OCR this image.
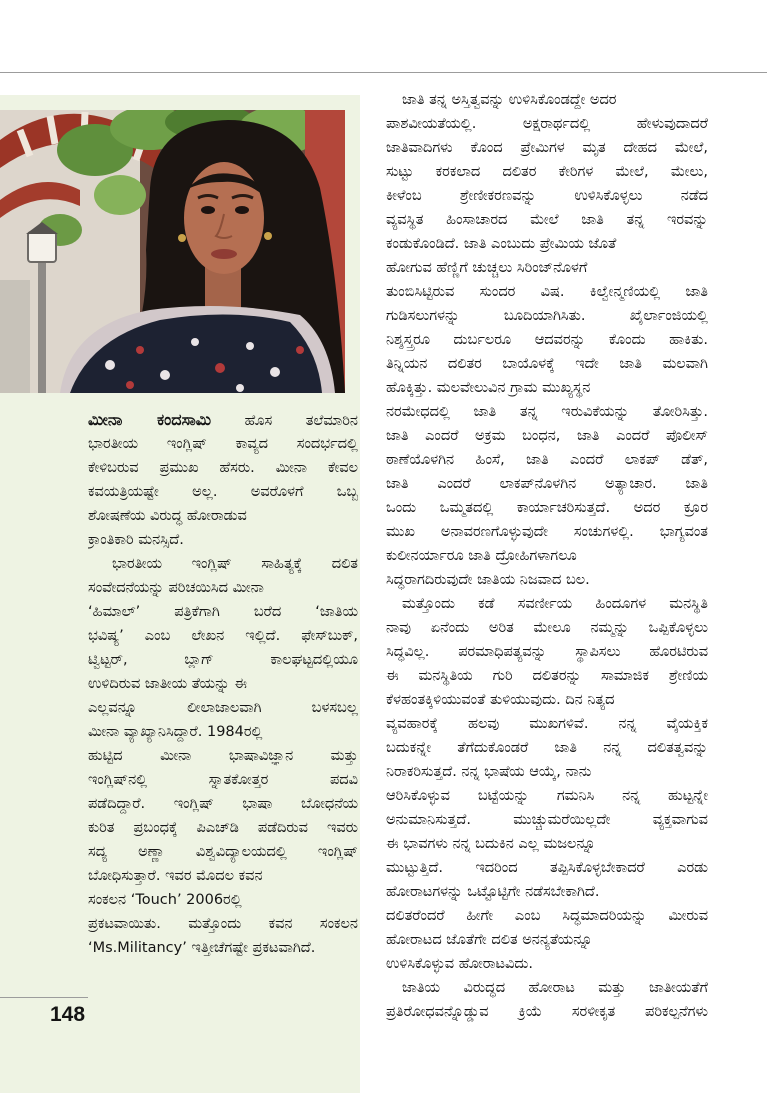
ಮೀನಾ ಕಂದಸಾಮಿ ಹೊಸ ತಲೆಮಾರಿನ
ಭಾರತೀಯ ಇಂಗ್ಲಿಷ್ ಕಾವ್ಯದ ಸಂದರ್ಭದಲ್ಲಿ
ಕೇಳಿಬರುವ ಪ್ರಮುಖ ಹೆಸರು. ಮೀನಾ ಕೇವಲ
ಕವಯತ್ರಿಯಷ್ಟೇ ಅಲ್ಲ. ಅವರೊಳಗೆ ಒಬ್ಬ
ಶೋಷಣೆಯ ವಿರುದ್ಧ ಹೋರಾಡುವ
ಕ್ರಾಂತಿಕಾರಿ ಮನಸ್ಸಿದೆ.
ಭಾರತೀಯ ಇಂಗ್ಲಿಷ್ ಸಾಹಿತ್ಯಕ್ಕೆ ದಲಿತ
ಸಂವೇದನೆಯನ್ನು ಪರಿಚಯಿಸಿದ ಮೀನಾ
‘ಹಿಮಾಲ್’ ಪತ್ರಿಕೆಗಾಗಿ ಬರೆದ ‘ಜಾತಿಯ
ಭವಿಷ್ಯ’ ಎಂಬ ಲೇಖನ ಇಲ್ಲಿದೆ. ಫೇಸ್‌ಬುಕ್,
ಟ್ವಿಟ್ಟರ್, ಬ್ಲಾಗ್ ಕಾಲಘಟ್ಟದಲ್ಲಿಯೂ
ಉಳಿದಿರುವ ಜಾತೀಯ ತೆಯನ್ನು ಈ
ಎಲ್ಲವನ್ನೂ ಲೀಲಾಜಾಲವಾಗಿ ಬಳಸಬಲ್ಲ
ಮೀನಾ ವ್ಯಾಖ್ಯಾನಿಸಿದ್ದಾರೆ. 1984ರಲ್ಲಿ
ಹುಟ್ಟಿದ ಮೀನಾ ಭಾಷಾವಿಜ್ಞಾನ ಮತ್ತು
ಇಂಗ್ಲಿಷ್‌ನಲ್ಲಿ ಸ್ನಾತಕೋತ್ತರ ಪದವಿ
ಪಡೆದಿದ್ದಾರೆ. ಇಂಗ್ಲಿಷ್ ಭಾಷಾ ಬೋಧನೆಯ
ಕುರಿತ ಪ್ರಬಂಧಕ್ಕೆ ಪಿಎಚ್‌ಡಿ ಪಡೆದಿರುವ ಇವರು
ಸದ್ಯ ಅಣ್ಣಾ ವಿಶ್ವವಿದ್ಯಾಲಯದಲ್ಲಿ ಇಂಗ್ಲಿಷ್
ಬೋಧಿಸುತ್ತಾರೆ. ಇವರ ಮೊದಲ ಕವನ
ಸಂಕಲನ ‘Touch’ 2006ರಲ್ಲಿ
ಪ್ರಕಟವಾಯಿತು. ಮತ್ತೊಂದು ಕವನ ಸಂಕಲನ
‘Ms.Militancy’ ಇತ್ತೀಚೆಗಷ್ಟೇ ಪ್ರಕಟವಾಗಿದೆ.
ಜಾತಿ ತನ್ನ ಅಸ್ತಿತ್ವವನ್ನು ಉಳಿಸಿಕೊಂಡದ್ದೇ ಅದರ
ಪಾಶವೀಯತೆಯಲ್ಲಿ. ಅಕ್ಷರಾರ್ಥದಲ್ಲಿ ಹೇಳುವುದಾದರೆ
ಜಾತಿವಾದಿಗಳು ಕೊಂದ ಪ್ರೇಮಿಗಳ ಮೃತ ದೇಹದ ಮೇಲೆ,
ಸುಟ್ಟು ಕರಕಲಾದ ದಲಿತರ ಕೇರಿಗಳ ಮೇಲೆ, ಮೇಲು,
ಕೀಳೆಂಬ ಶ್ರೇಣೀಕರಣವನ್ನು ಉಳಿಸಿಕೊಳ್ಳಲು ನಡೆದ
ವ್ಯವಸ್ಥಿತ ಹಿಂಸಾಚಾರದ ಮೇಲೆ ಜಾತಿ ತನ್ನ ಇರವನ್ನು
ಕಂಡುಕೊಂಡಿದೆ. ಜಾತಿ ಎಂಬುದು ಪ್ರೇಮಿಯ ಜೊತೆ
ಹೋಗುವ ಹೆಣ್ಣಿಗೆ ಚುಚ್ಚಲು ಸಿರಿಂಜ್‌ನೊಳಗೆ
ತುಂಬಿಸಿಟ್ಟಿರುವ ಸುಂದರ ವಿಷ. ಕಿಲ್ವೇನ್ಮಣಿಯಲ್ಲಿ ಜಾತಿ
ಗುಡಿಸಲುಗಳನ್ನು ಬೂದಿಯಾಗಿಸಿತು. ಖೈರ್ಲಾಂಜಿಯಲ್ಲಿ
ನಿಶ್ಶಸ್ತ್ರರೂ ದುರ್ಬಲರೂ ಆದವರನ್ನು ಕೊಂದು ಹಾಕಿತು.
ತಿನ್ನಿಯನ ದಲಿತರ ಬಾಯೊಳಕ್ಕೆ ಇದೇ ಜಾತಿ ಮಲವಾಗಿ
ಹೊಕ್ಕಿತ್ತು. ಮಲವೇಲುವಿನ ಗ್ರಾಮ ಮುಖ್ಯಸ್ಥನ
ನರಮೇಧದಲ್ಲಿ ಜಾತಿ ತನ್ನ ಇರುವಿಕೆಯನ್ನು ತೋರಿಸಿತ್ತು.
ಜಾತಿ ಎಂದರೆ ಅಕ್ರಮ ಬಂಧನ, ಜಾತಿ ಎಂದರೆ ಪೊಲೀಸ್
ಠಾಣೆಯೊಳಗಿನ ಹಿಂಸೆ, ಜಾತಿ ಎಂದರೆ ಲಾಕಪ್ ಡೆತ್,
ಜಾತಿ ಎಂದರೆ ಲಾಕಪ್‌ನೊಳಗಿನ ಅತ್ಯಾಚಾರ. ಜಾತಿ
ಒಂದು ಒಮ್ಮತದಲ್ಲಿ ಕಾರ್ಯಾಚರಿಸುತ್ತದೆ. ಅದರ ಕ್ರೂರ
ಮುಖ ಅನಾವರಣಗೊಳ್ಳುವುದೇ ಸಂಚುಗಳಲ್ಲಿ. ಭಾಗ್ಯವಂತ
ಕುಲೀನರ್ಯಾರೂ ಜಾತಿ ದ್ರೋಹಿಗಳಾಗಲೂ
ಸಿದ್ಧರಾಗದಿರುವುದೇ ಜಾತಿಯ ನಿಜವಾದ ಬಲ.
ಮತ್ತೊಂದು ಕಡೆ ಸವರ್ಣೀಯ ಹಿಂದೂಗಳ ಮನಸ್ಥಿತಿ
ನಾವು ಏನೆಂದು ಅರಿತ ಮೇಲೂ ನಮ್ಮನ್ನು ಒಪ್ಪಿಕೊಳ್ಳಲು
ಸಿದ್ಧವಿಲ್ಲ. ಪರಮಾಧಿಪತ್ಯವನ್ನು ಸ್ಥಾಪಿಸಲು ಹೊರಟಿರುವ
ಈ ಮನಸ್ಥಿತಿಯ ಗುರಿ ದಲಿತರನ್ನು ಸಾಮಾಜಿಕ ಶ್ರೇಣಿಯ
ಕೆಳಹಂತಕ್ಕಿಳಿಯುವಂತೆ ತುಳಿಯುವುದು. ದಿನ ನಿತ್ಯದ
ವ್ಯವಹಾರಕ್ಕೆ ಹಲವು ಮುಖಗಳಿವೆ. ನನ್ನ ವೈಯಕ್ತಿಕ
ಬದುಕನ್ನೇ ತೆಗೆದುಕೊಂಡರೆ ಜಾತಿ ನನ್ನ ದಲಿತತ್ವವನ್ನು
ನಿರಾಕರಿಸುತ್ತದೆ. ನನ್ನ ಭಾಷೆಯ ಆಯ್ಕೆ, ನಾನು
ಆರಿಸಿಕೊಳ್ಳುವ ಬಟ್ಟೆಯನ್ನು ಗಮನಿಸಿ ನನ್ನ ಹುಟ್ಟನ್ನೇ
ಅನುಮಾನಿಸುತ್ತದೆ. ಮುಚ್ಚುಮರೆಯಿಲ್ಲದೇ ವ್ಯಕ್ತವಾಗುವ
ಈ ಭಾವಗಳು ನನ್ನ ಬದುಕಿನ ಎಲ್ಲ ಮಜಲನ್ನೂ
ಮುಟ್ಟುತ್ತಿದೆ. ಇದರಿಂದ ತಪ್ಪಿಸಿಕೊಳ್ಳಬೇಕಾದರೆ ಎರಡು
ಹೋರಾಟಗಳನ್ನು ಒಟ್ಟೊಟ್ಟಿಗೇ ನಡೆಸಬೇಕಾಗಿದೆ.
ದಲಿತರೆಂದರೆ ಹೀಗೇ ಎಂಬ ಸಿದ್ಧಮಾದರಿಯನ್ನು ಮೀರುವ
ಹೋರಾಟದ ಜೊತೆಗೇ ದಲಿತ ಅನನ್ಯತೆಯನ್ನೂ
ಉಳಿಸಿಕೊಳ್ಳುವ ಹೋರಾಟವಿದು.
ಜಾತಿಯ ವಿರುದ್ಧದ ಹೋರಾಟ ಮತ್ತು ಜಾತೀಯತೆಗೆ
ಪ್ರತಿರೋಧವನ್ನೊಡ್ಡುವ ಕ್ರಿಯೆ ಸರಳೀಕೃತ ಪರಿಕಲ್ಪನೆಗಳು
148
